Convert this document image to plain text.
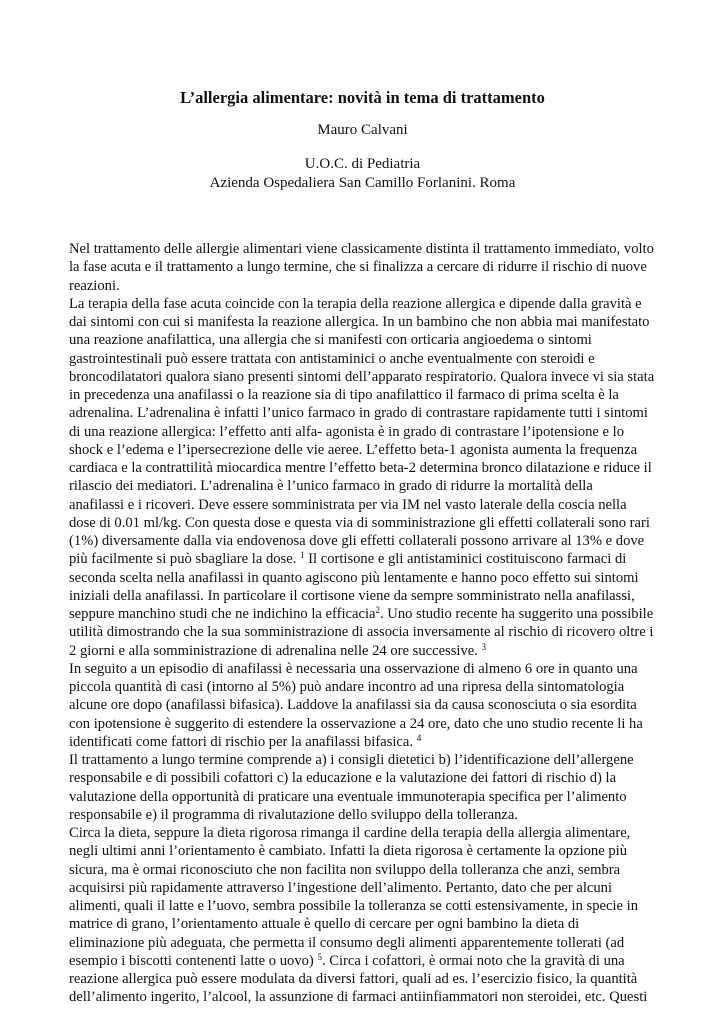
L’allergia alimentare: novità in tema di trattamento

Mauro Calvani

U.O.C. di Pediatria

Azienda Ospedaliera San Camillo Forlanini. Roma

Nel trattamento delle allergie alimentari viene classicamente distinta il trattamento immediato, volto
la fase acuta e il trattamento a lungo termine, che si finalizza a cercare di ridurre il rischio di nuove
reazioni.
La terapia della fase acuta coincide con la terapia della reazione allergica e dipende dalla gravità e
dai sintomi con cui si manifesta la reazione allergica. In un bambino che non abbia mai manifestato
una reazione anafilattica, una allergia che si manifesti con orticaria angioedema o sintomi
gastrointestinali può essere trattata con antistaminici o anche eventualmente con steroidi e
broncodilatatori qualora siano presenti sintomi dell’apparato respiratorio. Qualora invece vi sia stata
in precedenza una anafilassi o la reazione sia di tipo anafilattico il farmaco di prima scelta è la
adrenalina. L’adrenalina è infatti l’unico farmaco in grado di contrastare rapidamente tutti i sintomi
di una reazione allergica: l’effetto anti alfa- agonista è in grado di contrastare l’ipotensione e lo
shock e l’edema e l’ipersecrezione delle vie aeree. L’effetto beta-1 agonista aumenta la frequenza
cardiaca e la contrattilità miocardica mentre l’effetto beta-2 determina bronco dilatazione e riduce il
rilascio dei mediatori. L’adrenalina è l’unico farmaco in grado di ridurre la mortalità della
anafilassi e i ricoveri. Deve essere somministrata per via IM nel vasto laterale della coscia nella
dose di 0.01 ml/kg. Con questa dose e questa via di somministrazione gli effetti collaterali sono rari
(1%) diversamente dalla via endovenosa dove gli effetti collaterali possono arrivare al 13% e dove
più facilmente si può sbagliare la dose. $^1$ Il cortisone e gli antistaminici costituiscono farmaci di
seconda scelta nella anafilassi in quanto agiscono più lentamente e hanno poco effetto sui sintomi
iniziali della anafilassi. In particolare il cortisone viene da sempre somministrato nella anafilassi,
seppure manchino studi che ne indichino la efficacia$^2$. Uno studio recente ha suggerito una possibile
utilità dimostrando che la sua somministrazione di associa inversamente al rischio di ricovero oltre i
2 giorni e alla somministrazione di adrenalina nelle 24 ore successive. $^3$
In seguito a un episodio di anafilassi è necessaria una osservazione di almeno 6 ore in quanto una
piccola quantità di casi (intorno al 5%) può andare incontro ad una ripresa della sintomatologia
alcune ore dopo (anafilassi bifasica). Laddove la anafilassi sia da causa sconosciuta o sia esordita
con ipotensione è suggerito di estendere la osservazione a 24 ore, dato che uno studio recente li ha
identificati come fattori di rischio per la anafilassi bifasica. $^4$
Il trattamento a lungo termine comprende a) i consigli dietetici b) l’identificazione dell’allergene
responsabile e di possibili cofattori c) la educazione e la valutazione dei fattori di rischio d) la
valutazione della opportunità di praticare una eventuale immunoterapia specifica per l’alimento
responsabile e) il programma di rivalutazione dello sviluppo della tolleranza.
Circa la dieta, seppure la dieta rigorosa rimanga il cardine della terapia della allergia alimentare,
negli ultimi anni l’orientamento è cambiato. Infatti la dieta rigorosa è certamente la opzione più
sicura, ma è ormai riconosciuto che non facilita non sviluppo della tolleranza che anzi, sembra
acquisirsi più rapidamente attraverso l’ingestione dell’alimento. Pertanto, dato che per alcuni
alimenti, quali il latte e l’uovo, sembra possibile la tolleranza se cotti estensivamente, in specie in
matrice di grano, l’orientamento attuale è quello di cercare per ogni bambino la dieta di
eliminazione più adeguata, che permetta il consumo degli alimenti apparentemente tollerati (ad
esempio i biscotti contenenti latte o uovo) $^5$. Circa i cofattori, è ormai noto che la gravità di una
reazione allergica può essere modulata da diversi fattori, quali ad es. l’esercizio fisico, la quantità
dell’alimento ingerito, l’alcool, la assunzione di farmaci antiinfiammatori non steroidei, etc. Questi
